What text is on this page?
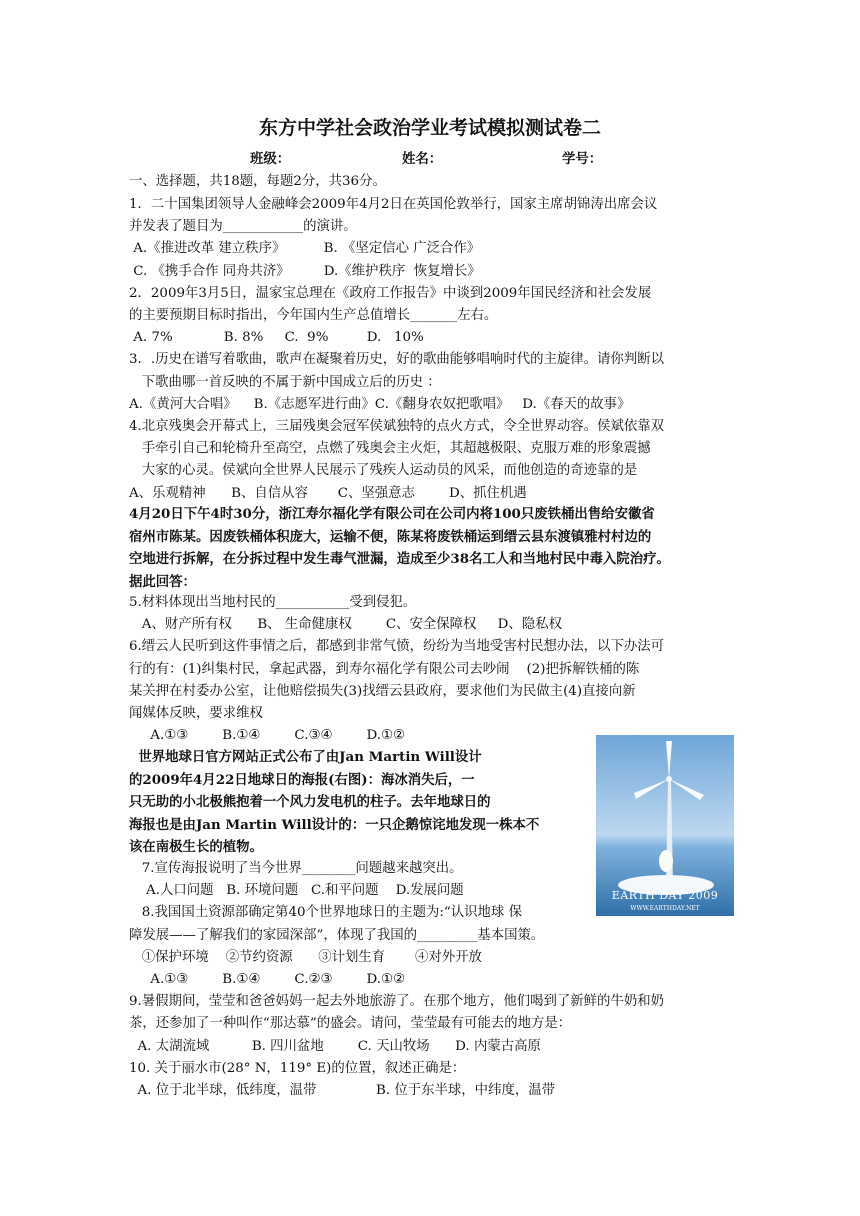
东方中学社会政治学业考试模拟测试卷二
班级：	姓名：	学号：
一、选择题，共18题，每题2分，共36分。
1．二十国集团领导人金融峰会2009年4月2日在英国伦敦举行，国家主席胡锦涛出席会议
并发表了题目为____________的演讲。
A.《推进改革 建立秩序》         B. 《坚定信心 广泛合作》
C. 《携手合作 同舟共济》        D.《维护秩序  恢复增长》
2．2009年3月5日，温家宝总理在《政府工作报告》中谈到2009年国民经济和社会发展
的主要预期目标时指出，今年国内生产总值增长_______左右。
A. 7%            B. 8%     C.  9%         D.   10%
3．.历史在谱写着歌曲，歌声在凝聚着历史，好的歌曲能够唱响时代的主旋律。请你判断以
下歌曲哪一首反映的不属于新中国成立后的历史 ：
A.《黄河大合唱》    B.《志愿军进行曲》C.《翻身农奴把歌唱》   D.《春天的故事》
4.北京残奥会开幕式上，三届残奥会冠军侯斌独特的点火方式，令全世界动容。侯斌依靠双
手牵引自己和轮椅升至高空，点燃了残奥会主火炬，其超越极限、克服万难的形象震撼
大家的心灵。侯斌向全世界人民展示了残疾人运动员的风采，而他创造的奇迹靠的是
A、乐观精神      B、自信从容       C、坚强意志        D、抓住机遇
4月20日下午4时30分，浙江寿尔福化学有限公司在公司内将100只废铁桶出售给安徽省
宿州市陈某。因废铁桶体积庞大，运输不便，陈某将废铁桶运到缙云县东渡镇雅村村边的
空地进行拆解，在分拆过程中发生毒气泄漏，造成至少38名工人和当地村民中毒入院治疗。
据此回答：
5.材料体现出当地村民的___________受到侵犯。
A、财产所有权      B、 生命健康权        C、安全保障权     D、隐私权
6.缙云人民听到这件事情之后，都感到非常气愤，纷纷为当地受害村民想办法，以下办法可
行的有：(1)纠集村民，拿起武器，到寿尔福化学有限公司去吵闹    (2)把拆解铁桶的陈
某关押在村委办公室，让他赔偿损失(3)找缙云县政府，要求他们为民做主(4)直接向新
闻媒体反映，要求维权
A.①③        B.①④        C.③④        D.①②
世界地球日官方网站正式公布了由Jan Martin Will设计
的2009年4月22日地球日的海报(右图)：海冰消失后，一
只无助的小北极熊抱着一个风力发电机的柱子。去年地球日的
海报也是由Jan Martin Will设计的：一只企鹅惊诧地发现一株本不
该在南极生长的植物。
7.宣传海报说明了当今世界________问题越来越突出。
A.人口问题   B. 环境问题   C.和平问题    D.发展问题
8.我国国土资源部确定第40个世界地球日的主题为:“认识地球 保
障发展——了解我们的家园深部”，体现了我国的_________基本国策。
①保护环境    ②节约资源      ③计划生育       ④对外开放
A.①③        B.①④        C.②③        D.①②
9.暑假期间，莹莹和爸爸妈妈一起去外地旅游了。在那个地方，他们喝到了新鲜的牛奶和奶
茶，还参加了一种叫作“那达慕”的盛会。请问，莹莹最有可能去的地方是：
A. 太湖流域          B. 四川盆地        C. 天山牧场      D. 内蒙古高原
10. 关于丽水市(28° N，119° E)的位置，叙述正确是：
A. 位于北半球，低纬度，温带              B. 位于东半球，中纬度，温带
EARTH DAY 2009
WWW.EARTHDAY.NET
